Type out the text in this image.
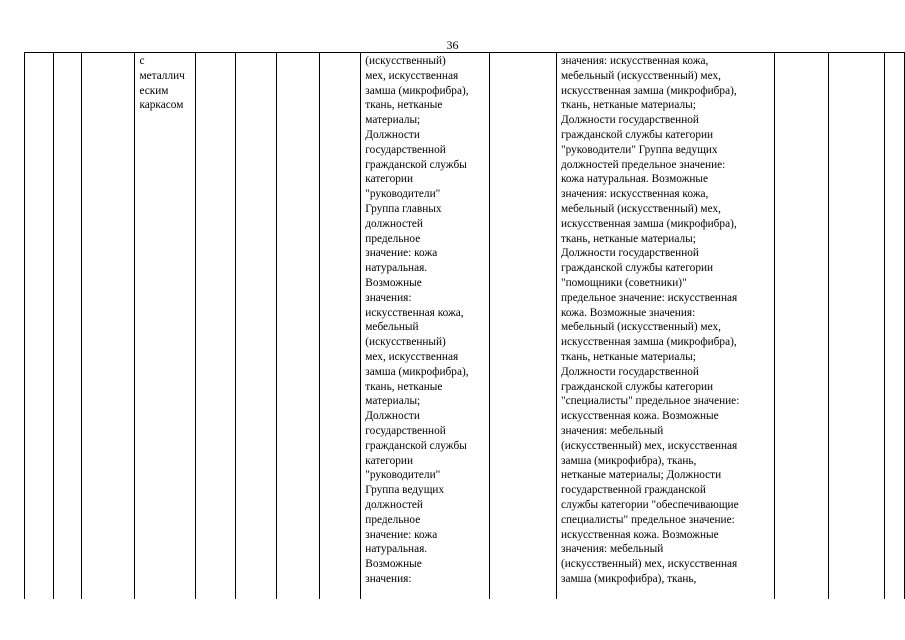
36

с
металлич
еским
каркасом

(искусственный)
мех, искусственная
замша (микрофибра),
ткань, нетканые
материалы;
Должности
государственной
гражданской службы
категории
"руководители"
Группа главных
должностей
предельное
значение: кожа
натуральная.
Возможные
значения:
искусственная кожа,
мебельный
(искусственный)
мех, искусственная
замша (микрофибра),
ткань, нетканые
материалы;
Должности
государственной
гражданской службы
категории
"руководители"
Группа ведущих
должностей
предельное
значение: кожа
натуральная.
Возможные
значения:

значения: искусственная кожа,
мебельный (искусственный) мех,
искусственная замша (микрофибра),
ткань, нетканые материалы;
Должности государственной
гражданской службы категории
"руководители" Группа ведущих
должностей предельное значение:
кожа натуральная. Возможные
значения: искусственная кожа,
мебельный (искусственный) мех,
искусственная замша (микрофибра),
ткань, нетканые материалы;
Должности государственной
гражданской службы категории
"помощники (советники)"
предельное значение: искусственная
кожа. Возможные значения:
мебельный (искусственный) мех,
искусственная замша (микрофибра),
ткань, нетканые материалы;
Должности государственной
гражданской службы категории
"специалисты" предельное значение:
искусственная кожа. Возможные
значения: мебельный
(искусственный) мех, искусственная
замша (микрофибра), ткань,
нетканые материалы; Должности
государственной гражданской
службы категории "обеспечивающие
специалисты" предельное значение:
искусственная кожа. Возможные
значения: мебельный
(искусственный) мех, искусственная
замша (микрофибра), ткань,
